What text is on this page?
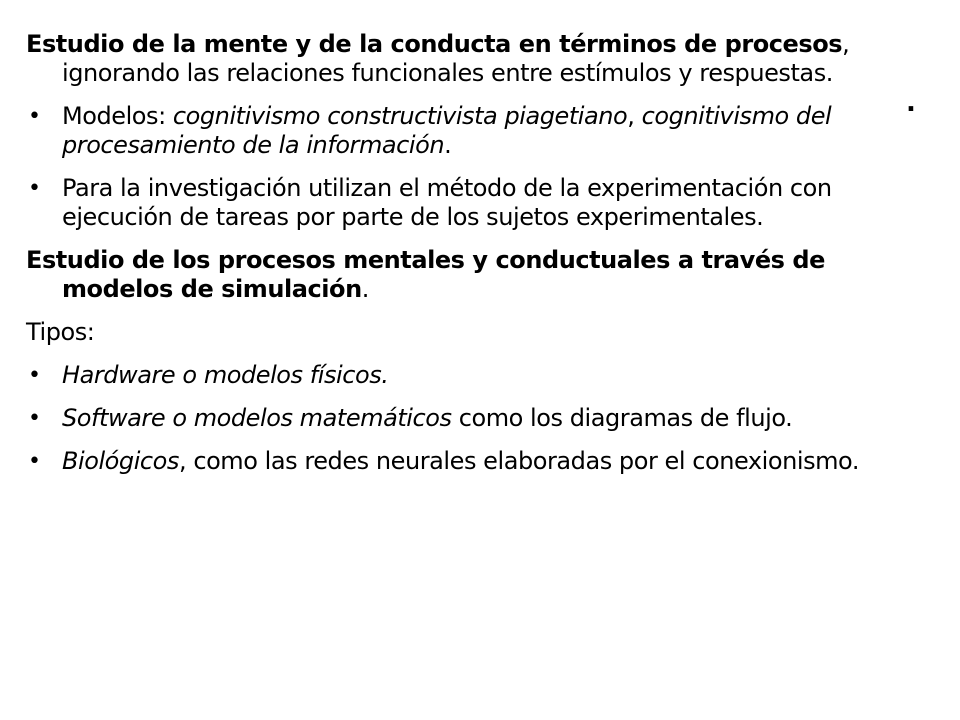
Estudio de la mente y de la conducta en términos de procesos, ignorando las relaciones funcionales entre estímulos y respuestas.
• Modelos: cognitivismo constructivista piagetiano, cognitivismo del procesamiento de la información.
• Para la investigación utilizan el método de la experimentación con ejecución de tareas por parte de los sujetos experimentales.
Estudio de los procesos mentales y conductuales a través de modelos de simulación.
Tipos:
• Hardware o modelos físicos.
• Software o modelos matemáticos como los diagramas de flujo.
• Biológicos, como las redes neurales elaboradas por el conexionismo.
.
